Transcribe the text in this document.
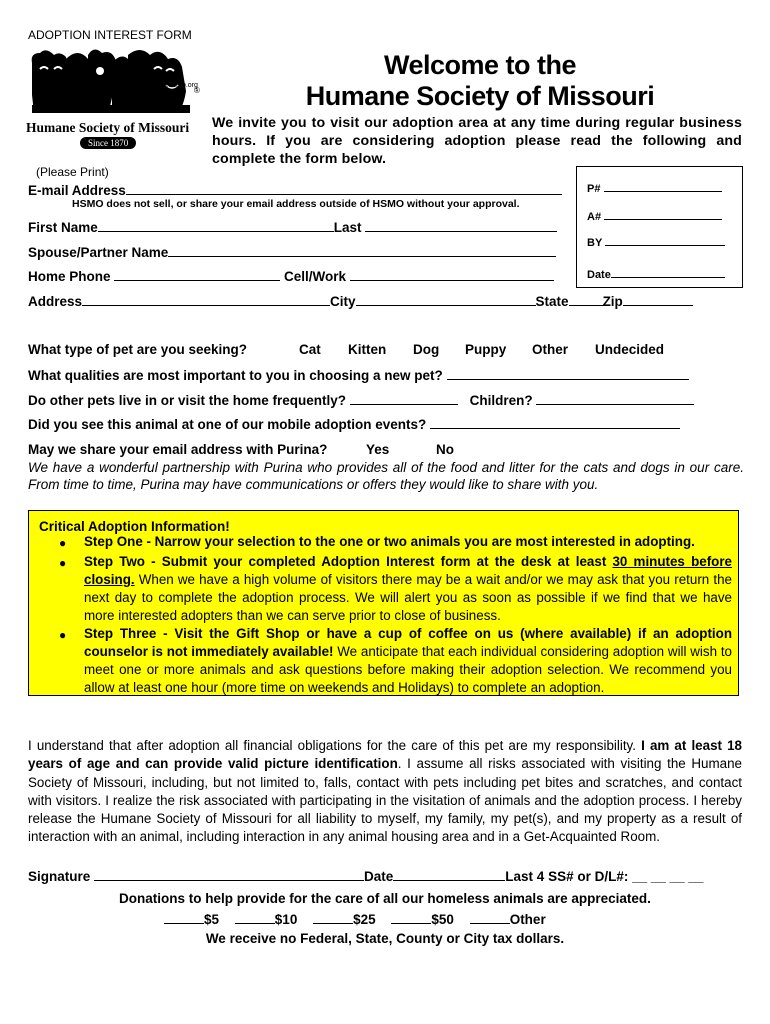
ADOPTION INTEREST FORM
www.hsmo.org
®
Humane Society of Missouri
Since 1870
Welcome to the
Humane Society of Missouri
We invite you to visit our adoption area at any time during regular business hours. If you are considering adoption please read the following and complete the form below.
(Please Print)
P#
A#
BY
Date
E-mail Address
HSMO does not sell, or share your email address outside of HSMO without your approval.
First Name	Last
Spouse/Partner Name
Home Phone	Cell/Work
Address	City	State	Zip
What type of pet are you seeking?	Cat Kitten Dog Puppy Other Undecided
What qualities are most important to you in choosing a new pet?
Do other pets live in or visit the home frequently?	Children?
Did you see this animal at one of our mobile adoption events?
May we share your email address with Purina?	Yes	No
We have a wonderful partnership with Purina who provides all of the food and litter for the cats and dogs in our care. From time to time, Purina may have communications or offers they would like to share with you.
Critical Adoption Information!
● Step One - Narrow your selection to the one or two animals you are most interested in adopting.
● Step Two - Submit your completed Adoption Interest form at the desk at least 30 minutes before closing. When we have a high volume of visitors there may be a wait and/or we may ask that you return the next day to complete the adoption process. We will alert you as soon as possible if we find that we have more interested adopters than we can serve prior to close of business.
● Step Three - Visit the Gift Shop or have a cup of coffee on us (where available) if an adoption counselor is not immediately available! We anticipate that each individual considering adoption will wish to meet one or more animals and ask questions before making their adoption selection. We recommend you allow at least one hour (more time on weekends and Holidays) to complete an adoption.
I understand that after adoption all financial obligations for the care of this pet are my responsibility. I am at least 18 years of age and can provide valid picture identification. I assume all risks associated with visiting the Humane Society of Missouri, including, but not limited to, falls, contact with pets including pet bites and scratches, and contact with visitors. I realize the risk associated with participating in the visitation of animals and the adoption process. I hereby release the Humane Society of Missouri for all liability to myself, my family, my pet(s), and my property as a result of interaction with an animal, including interaction in any animal housing area and in a Get-Acquainted Room.
Signature	Date	Last 4 SS# or D/L#: __ __ __ __
Donations to help provide for the care of all our homeless animals are appreciated.
$5	$10	$25	$50	Other
We receive no Federal, State, County or City tax dollars.
